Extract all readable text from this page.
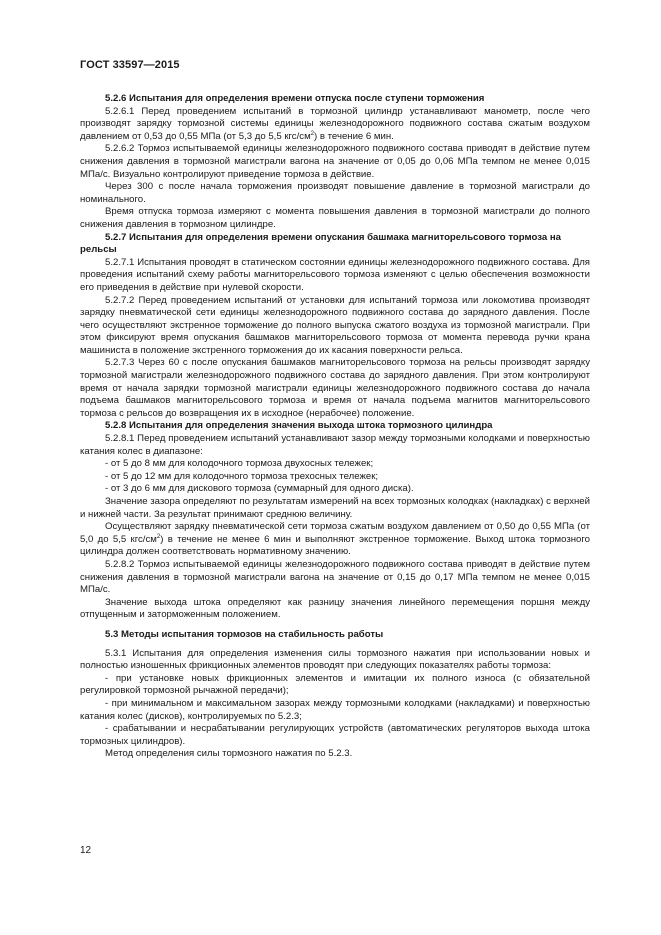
ГОСТ 33597—2015

5.2.6 Испытания для определения времени отпуска после ступени торможения

5.2.6.1 Перед проведением испытаний в тормозной цилиндр устанавливают манометр, после чего производят зарядку тормозной системы единицы железнодорожного подвижного состава сжатым воздухом давлением от 0,53 до 0,55 МПа (от 5,3 до 5,5 кгс/$см^2$) в течение 6 мин.

5.2.6.2 Тормоз испытываемой единицы железнодорожного подвижного состава приводят в действие путем снижения давления в тормозной магистрали вагона на значение от 0,05 до 0,06 МПа темпом не менее 0,015 МПа/с. Визуально контролируют приведение тормоза в действие.

Через 300 с после начала торможения производят повышение давление в тормозной магистрали до номинального.

Время отпуска тормоза измеряют с момента повышения давления в тормозной магистрали до полного снижения давления в тормозном цилиндре.

5.2.7 Испытания для определения времени опускания башмака магниторельсового тормоза на рельсы

5.2.7.1 Испытания проводят в статическом состоянии единицы железнодорожного подвижного состава. Для проведения испытаний схему работы магниторельсового тормоза изменяют с целью обеспечения возможности его приведения в действие при нулевой скорости.

5.2.7.2 Перед проведением испытаний от установки для испытаний тормоза или локомотива производят зарядку пневматической сети единицы железнодорожного подвижного состава до зарядного давления. После чего осуществляют экстренное торможение до полного выпуска сжатого воздуха из тормозной магистрали. При этом фиксируют время опускания башмаков магниторельсового тормоза от момента перевода ручки крана машиниста в положение экстренного торможения до их касания поверхности рельса.

5.2.7.3 Через 60 с после опускания башмаков магниторельсового тормоза на рельсы производят зарядку тормозной магистрали железнодорожного подвижного состава до зарядного давления. При этом контролируют время от начала зарядки тормозной магистрали единицы железнодорожного подвижного состава до начала подъема башмаков магниторельсового тормоза и время от начала подъема магнитов магниторельсового тормоза с рельсов до возвращения их в исходное (нерабочее) положение.

5.2.8 Испытания для определения значения выхода штока тормозного цилиндра

5.2.8.1 Перед проведением испытаний устанавливают зазор между тормозными колодками и поверхностью катания колес в диапазоне:

- от 5 до 8 мм для колодочного тормоза двухосных тележек;

- от 5 до 12 мм для колодочного тормоза трехосных тележек;

- от 3 до 6 мм для дискового тормоза (суммарный для одного диска).

Значение зазора определяют по результатам измерений на всех тормозных колодках (накладках) с верхней и нижней части. За результат принимают среднюю величину.

Осуществляют зарядку пневматической сети тормоза сжатым воздухом давлением от 0,50 до 0,55 МПа (от 5,0 до 5,5 кгс/$см^2$) в течение не менее 6 мин и выполняют экстренное торможение. Выход штока тормозного цилиндра должен соответствовать нормативному значению.

5.2.8.2 Тормоз испытываемой единицы железнодорожного подвижного состава приводят в действие путем снижения давления в тормозной магистрали вагона на значение от 0,15 до 0,17 МПа темпом не менее 0,015 МПа/с.

Значение выхода штока определяют как разницу значения линейного перемещения поршня между отпущенным и заторможенным положением.

5.3 Методы испытания тормозов на стабильность работы

5.3.1 Испытания для определения изменения силы тормозного нажатия при использовании новых и полностью изношенных фрикционных элементов проводят при следующих показателях работы тормоза:

- при установке новых фрикционных элементов и имитации их полного износа (с обязательной регулировкой тормозной рычажной передачи);

- при минимальном и максимальном зазорах между тормозными колодками (накладками) и поверхностью катания колес (дисков), контролируемых по 5.2.3;

- срабатывании и несрабатывании регулирующих устройств (автоматических регуляторов выхода штока тормозных цилиндров).

Метод определения силы тормозного нажатия по 5.2.3.

12
